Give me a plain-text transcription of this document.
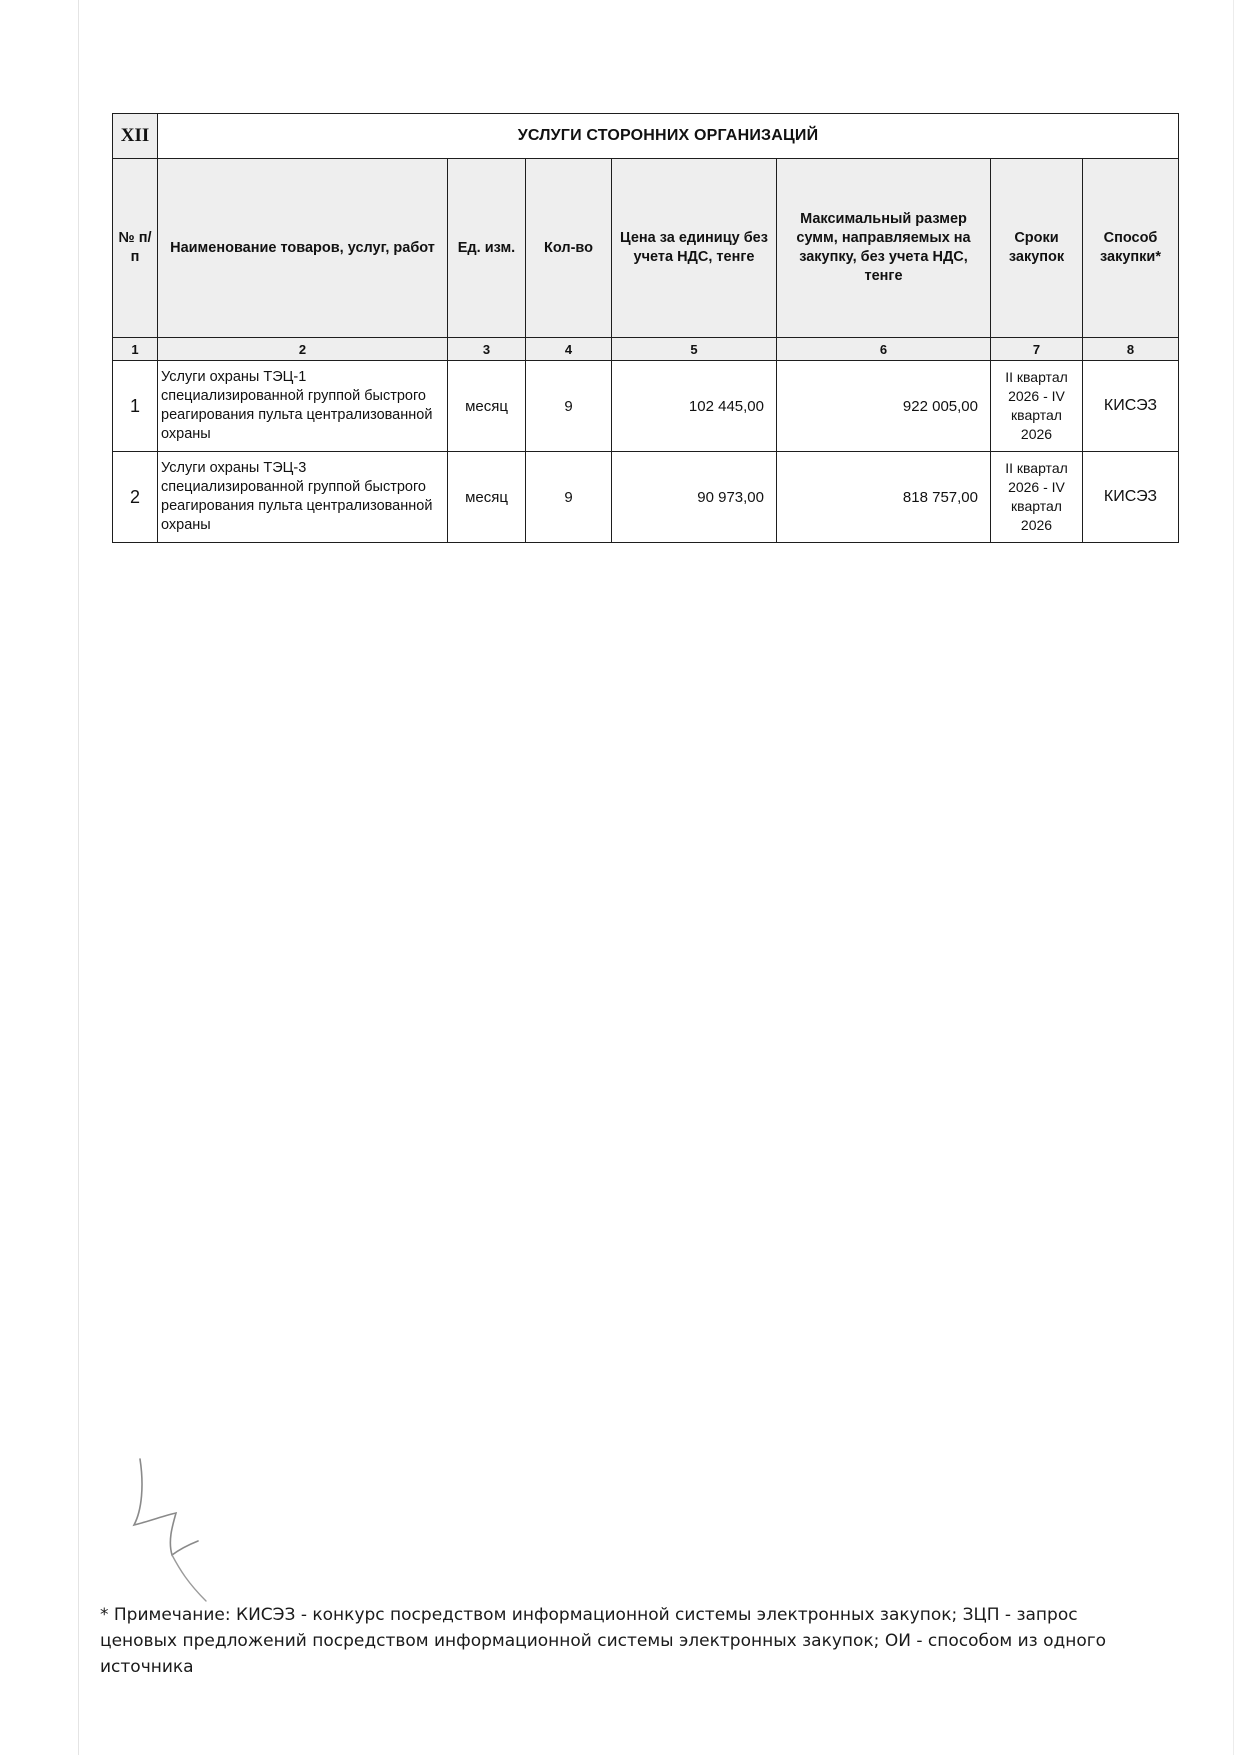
XII	УСЛУГИ СТОРОННИХ ОРГАНИЗАЦИЙ						
№ п/п	Наименование товаров, услуг, работ	Ед. изм.	Кол-во	Цена за единицу без учета НДС, тенге	Максимальный размер сумм, направляемых на закупку, без учета НДС, тенге	Сроки закупок	Способ закупки*
1	2	3	4	5	6	7	8
1	Услуги охраны ТЭЦ-1 специализированной группой быстрого реагирования пульта централизованной охраны	месяц	9	102 445,00	922 005,00	II квартал 2026 - IV квартал 2026	КИСЭЗ
2	Услуги охраны ТЭЦ-3 специализированной группой быстрого реагирования пульта централизованной охраны	месяц	9	90 973,00	818 757,00	II квартал 2026 - IV квартал 2026	КИСЭЗ
* Примечание: КИСЭЗ - конкурс посредством информационной системы электронных закупок; ЗЦП - запрос ценовых предложений посредством информационной системы электронных закупок; ОИ - способом из одного источника
